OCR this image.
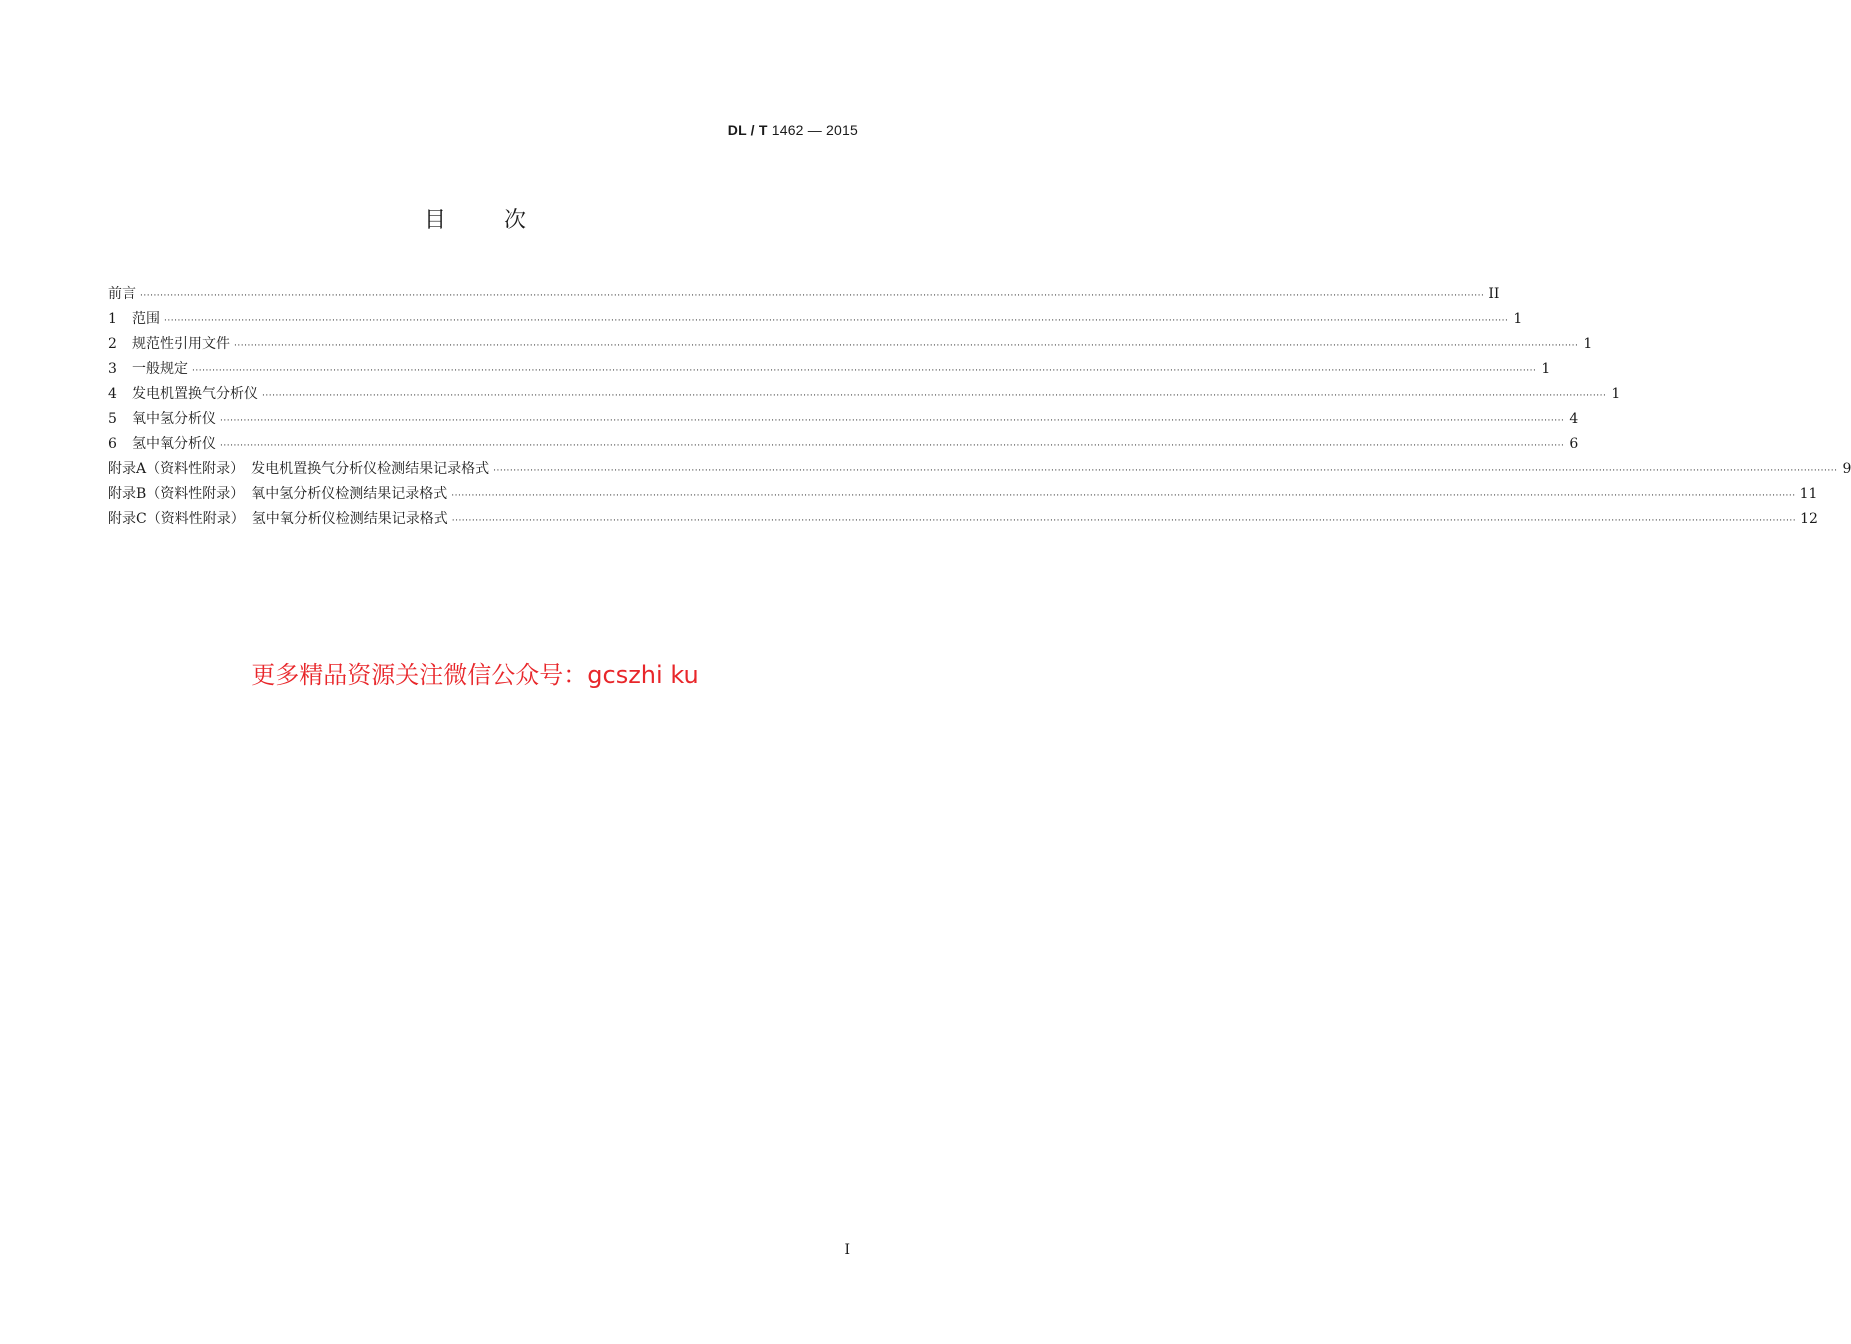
DL / T 1462 — 2015
目次
前言 ················································································································································································································································································································································································································ II
1	范围 ················································································································································································································································································································································································································ 1
2	规范性引用文件 ················································································································································································································································································································································································································ 1
3	一般规定 ················································································································································································································································································································································································································ 1
4	发电机置换气分析仪 ················································································································································································································································································································································································································ 1
5	氧中氢分析仪 ················································································································································································································································································································································································································ 4
6	氢中氧分析仪 ················································································································································································································································································································································································································ 6
附录A（资料性附录）　发电机置换气分析仪检测结果记录格式 ················································································································································································································································································································································································································ 9
附录B（资料性附录）　氧中氢分析仪检测结果记录格式 ················································································································································································································································································································································································································ 11
附录C（资料性附录）　氢中氧分析仪检测结果记录格式 ················································································································································································································································································································································································································ 12
更多精品资源关注微信公众号：gcszhi ku
I
